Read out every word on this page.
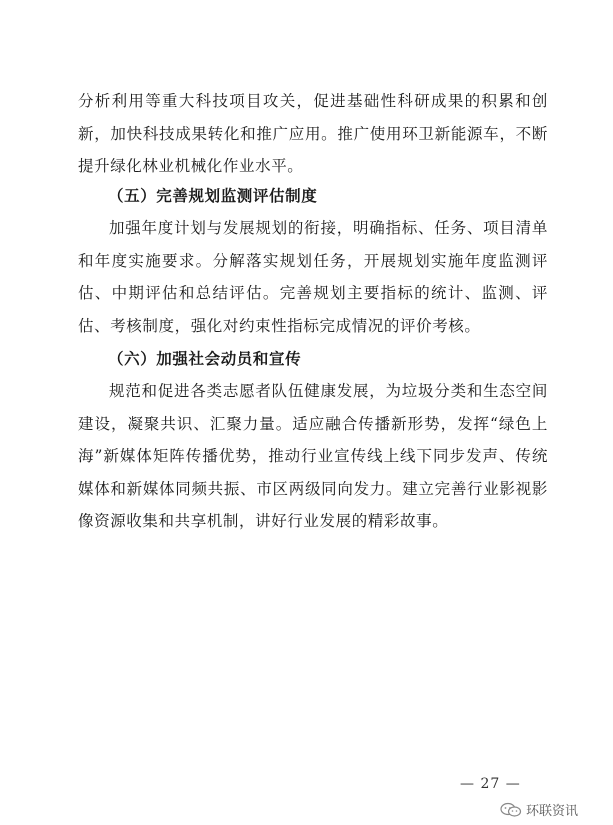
分析利用等重大科技项目攻关，促进基础性科研成果的积累和创新，加快科技成果转化和推广应用。推广使用环卫新能源车，不断提升绿化林业机械化作业水平。

（五）完善规划监测评估制度

加强年度计划与发展规划的衔接，明确指标、任务、项目清单和年度实施要求。分解落实规划任务，开展规划实施年度监测评估、中期评估和总结评估。完善规划主要指标的统计、监测、评估、考核制度，强化对约束性指标完成情况的评价考核。

（六）加强社会动员和宣传

规范和促进各类志愿者队伍健康发展，为垃圾分类和生态空间建设，凝聚共识、汇聚力量。适应融合传播新形势，发挥“绿色上海”新媒体矩阵传播优势，推动行业宣传线上线下同步发声、传统媒体和新媒体同频共振、市区两级同向发力。建立完善行业影视影像资源收集和共享机制，讲好行业发展的精彩故事。

— 27 —
环联资讯
